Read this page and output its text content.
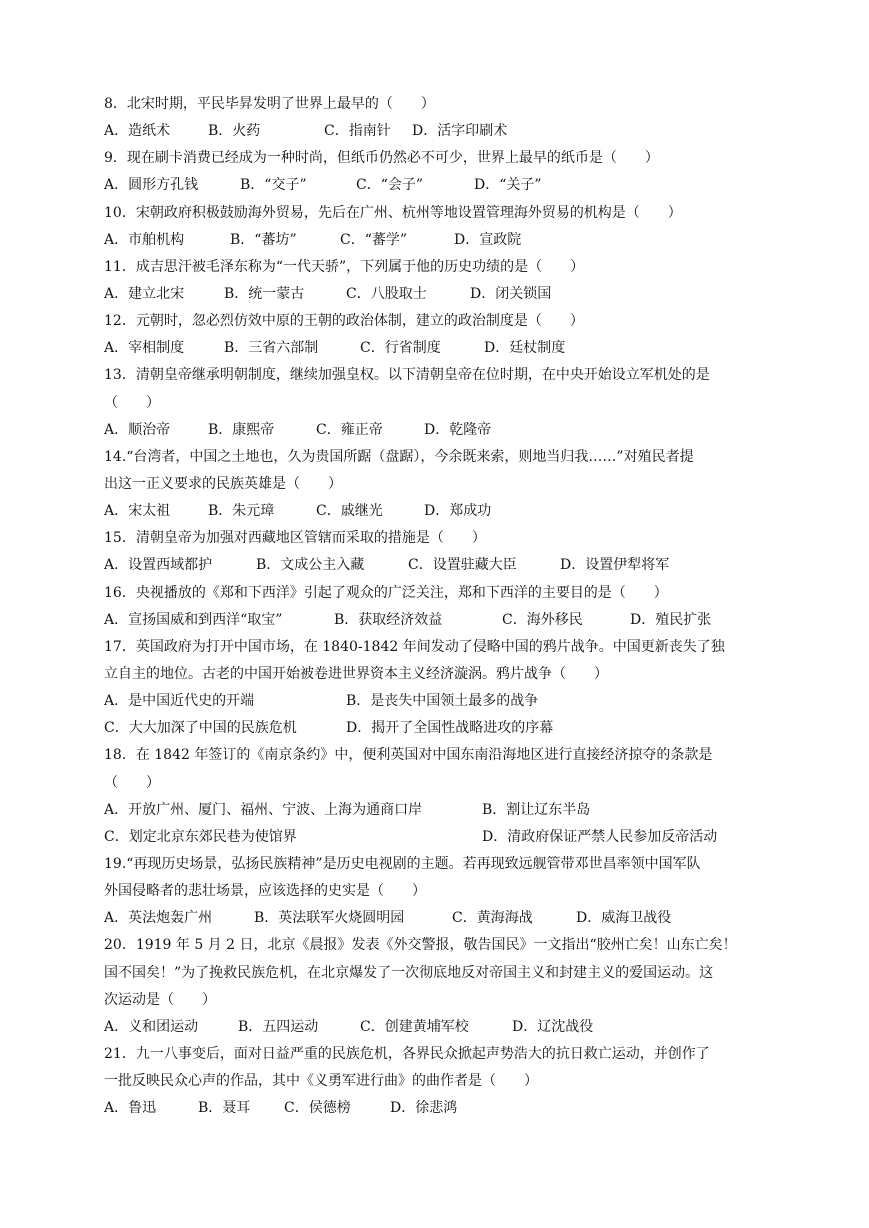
8．北宋时期，平民毕昇发明了世界上最早的（　　）
A．造纸术	B．火药	C．指南针 D．活字印刷术
9．现在刷卡消费已经成为一种时尚，但纸币仍然必不可少，世界上最早的纸币是（　　）
A．圆形方孔钱	B．“交子”	C．“会子”	D．“关子”
10．宋朝政府积极鼓励海外贸易，先后在广州、杭州等地设置管理海外贸易的机构是（　　）
A．市舶机构	B．“蕃坊”	C．“蕃学”	D．宣政院
11．成吉思汗被毛泽东称为“一代天骄”，下列属于他的历史功绩的是（　　）
A．建立北宋	B．统一蒙古	C．八股取士	D．闭关锁国
12．元朝时，忽必烈仿效中原的王朝的政治体制，建立的政治制度是（　　）
A．宰相制度	B．三省六部制	C．行省制度	D．廷杖制度
13．清朝皇帝继承明朝制度，继续加强皇权。以下清朝皇帝在位时期，在中央开始设立军机处的是
（　　）
A．顺治帝	B．康熙帝	C．雍正帝	D．乾隆帝
14.“台湾者，中国之土地也，久为贵国所踞（盘踞），今余既来索，则地当归我……”对殖民者提
出这一正义要求的民族英雄是（　　）
A．宋太祖	B．朱元璋	C．戚继光	D．郑成功
15．清朝皇帝为加强对西藏地区管辖而采取的措施是（　　）
A．设置西域都护	B．文成公主入藏	C．设置驻藏大臣	D．设置伊犁将军
16．央视播放的《郑和下西洋》引起了观众的广泛关注，郑和下西洋的主要目的是（　　）
A．宣扬国威和到西洋“取宝”	B．获取经济效益	C．海外移民	D．殖民扩张
17．英国政府为打开中国市场，在 1840-1842 年间发动了侵略中国的鸦片战争。中国更新丧失了独
立自主的地位。古老的中国开始被卷进世界资本主义经济漩涡。鸦片战争（　　）
A．是中国近代史的开端	B．是丧失中国领土最多的战争
C．大大加深了中国的民族危机	D．揭开了全国性战略进攻的序幕
18．在 1842 年签订的《南京条约》中，便利英国对中国东南沿海地区进行直接经济掠夺的条款是
（　　）
A．开放广州、厦门、福州、宁波、上海为通商口岸	B．割让辽东半岛
C．划定北京东郊民巷为使馆界	D．清政府保证严禁人民参加反帝活动
19.“再现历史场景，弘扬民族精神”是历史电视剧的主题。若再现致远舰管带邓世昌率领中国军队
外国侵略者的悲壮场景，应该选择的史实是（　　）
A．英法炮轰广州	B．英法联军火烧圆明园	C．黄海海战	D．威海卫战役
20．1919 年 5 月 2 日，北京《晨报》发表《外交警报，敬告国民》一文指出“胶州亡矣！山东亡矣！
国不国矣！”为了挽救民族危机，在北京爆发了一次彻底地反对帝国主义和封建主义的爱国运动。这
次运动是（　　）
A．义和团运动	B．五四运动	C．创建黄埔军校	D．辽沈战役
21．九一八事变后，面对日益严重的民族危机，各界民众掀起声势浩大的抗日救亡运动，并创作了
一批反映民众心声的作品，其中《义勇军进行曲》的曲作者是（　　）
A．鲁迅	B．聂耳 C．侯德榜	D．徐悲鸿
